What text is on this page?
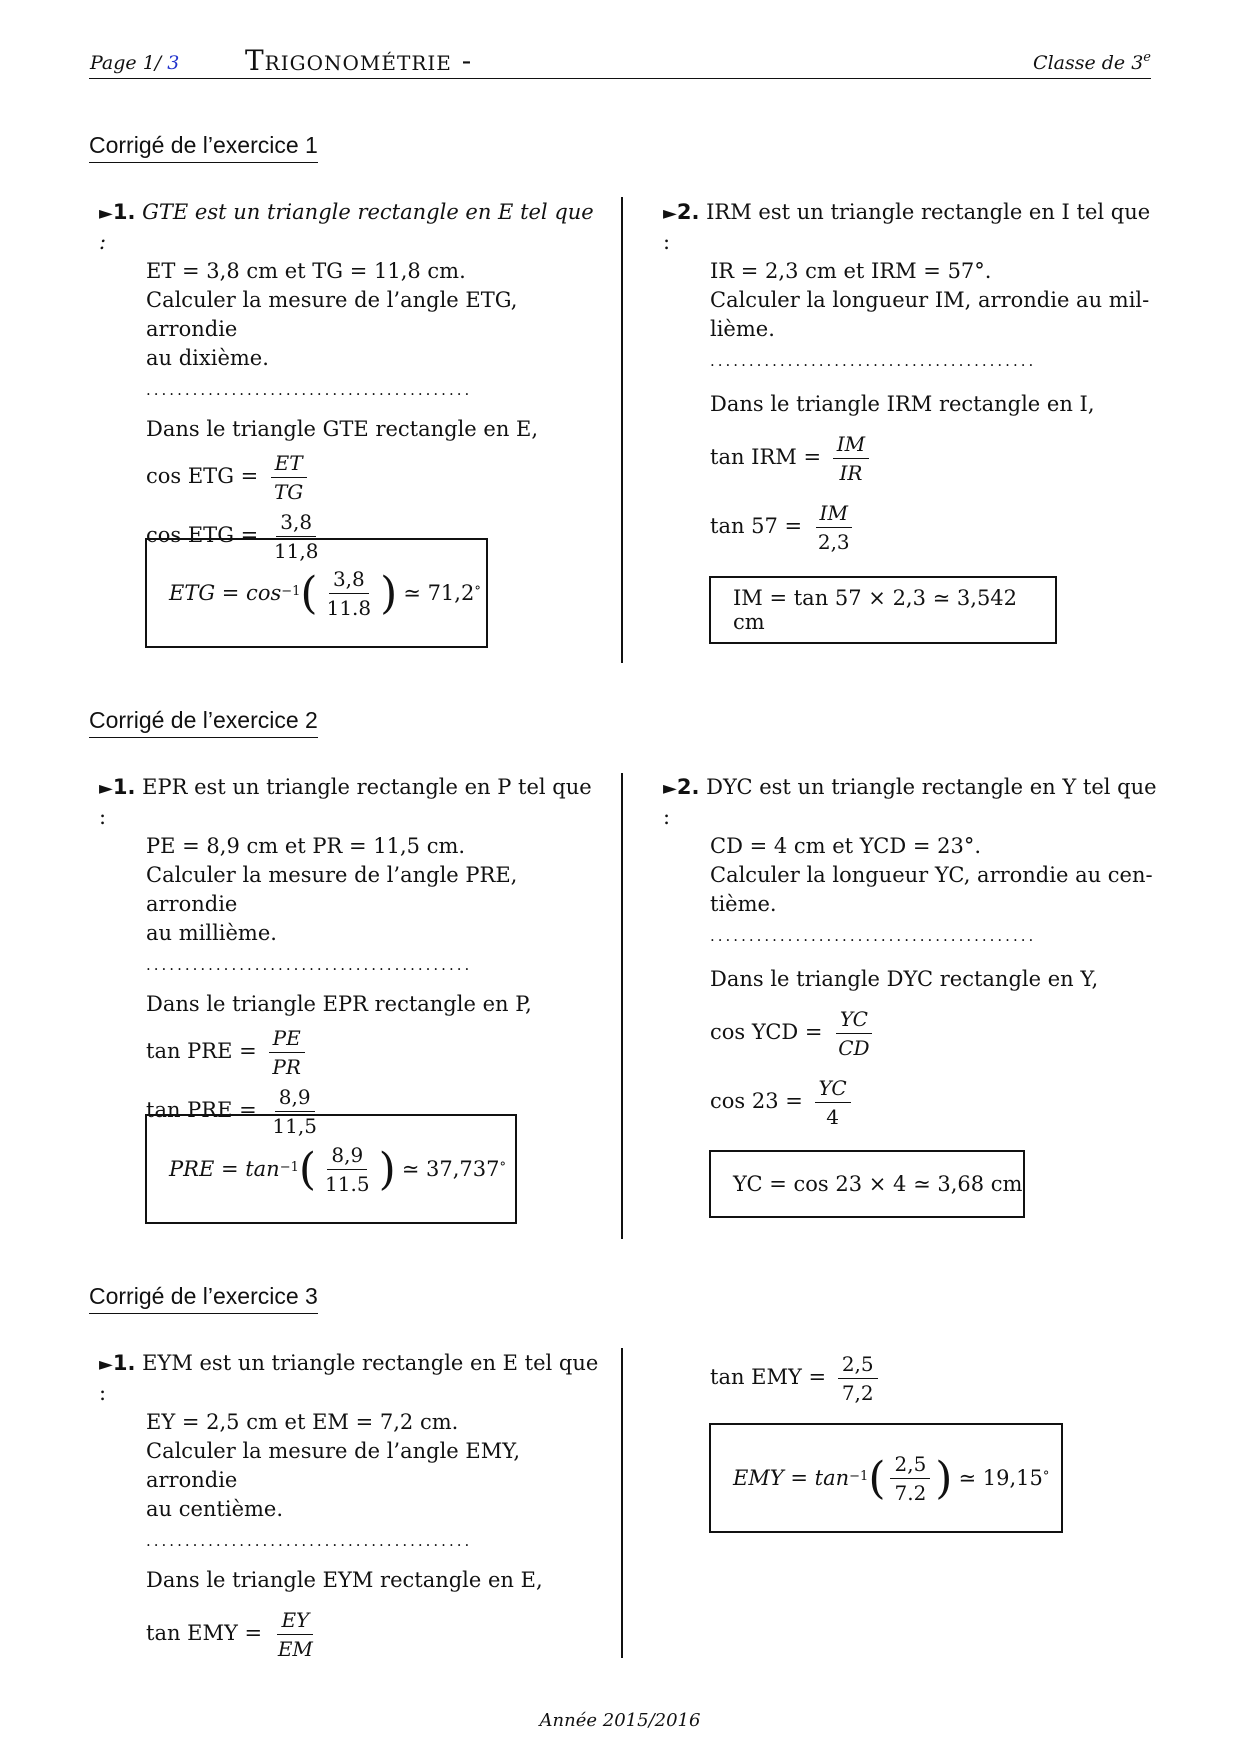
Page 1/ 3 Trigonométrie -	Classe de 3e
Corrigé de l’exercice 1
►1. GTE est un triangle rectangle en E tel que :
ET = 3,8 cm et TG = 11,8 cm.
Calculer la mesure de l’angle ETG, arrondie
au dixième.
..........................................
Dans le triangle GTE rectangle en E,
cos ETG = $\frac{ET}{TG}$
cos ETG = $\frac{3,8}{11,8}$
ETG = cos −1 ( $\frac{3,8}{11.8}$ ) ≃ 71,2 °
►2. IRM est un triangle rectangle en I tel que :
IR = 2,3 cm et IRM = 57°.
Calculer la longueur IM, arrondie au mil-
lième.
..........................................
Dans le triangle IRM rectangle en I,
tan IRM = $\frac{IM}{IR}$
$\tan 57 = \frac{IM}{2,3}$
IM = tan 57 × 2,3 ≃ 3,542 cm
Corrigé de l’exercice 2
►1. EPR est un triangle rectangle en P tel que :
PE = 8,9 cm et PR = 11,5 cm.
Calculer la mesure de l’angle PRE, arrondie
au millième.
..........................................
Dans le triangle EPR rectangle en P,
tan PRE = $\frac{PE}{PR}$
tan PRE = $\frac{8,9}{11,5}$
PRE = tan −1 ( $\frac{8,9}{11.5}$ ) ≃ 37,737 °
►2. DYC est un triangle rectangle en Y tel que :
CD = 4 cm et YCD = 23°.
Calculer la longueur YC, arrondie au cen-
tième.
..........................................
Dans le triangle DYC rectangle en Y,
cos YCD = $\frac{YC}{CD}$
$\cos 23 = \frac{YC}{4}$
YC = cos 23 × 4 ≃ 3,68 cm
Corrigé de l’exercice 3
►1. EYM est un triangle rectangle en E tel que :
EY = 2,5 cm et EM = 7,2 cm.
Calculer la mesure de l’angle EMY, arrondie
au centième.
..........................................
Dans le triangle EYM rectangle en E,
tan EMY = $\frac{EY}{EM}$
tan EMY = $\frac{2,5}{7,2}$
EMY = tan −1 ( $\frac{2,5}{7.2}$ ) ≃ 19,15 °
Année 2015/2016
